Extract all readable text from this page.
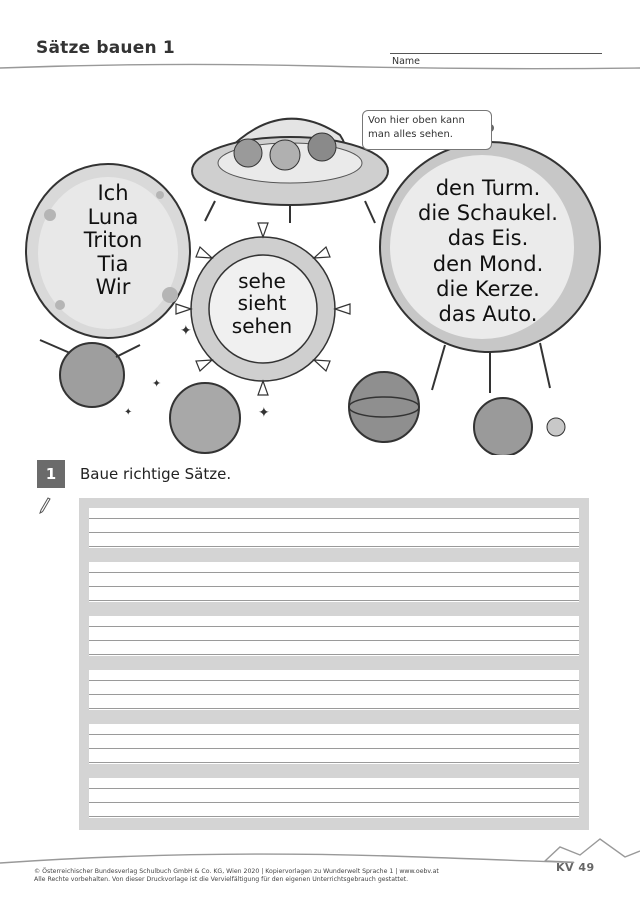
Sätze bauen 1
Name
✦
✦
✦
✦
Von hier oben kann man alles sehen.
Ich
Luna
Triton
Tia
Wir	sehe
sieht
sehen
den Turm.
die Schaukel.
das Eis.
den Mond.
die Kerze.
das Auto.
1	Baue richtige Sätze.
© Österreichischer Bundesverlag Schulbuch GmbH & Co. KG, Wien 2020 | Kopiervorlagen zu Wunderwelt Sprache 1 | www.oebv.at
Alle Rechte vorbehalten. Von dieser Druckvorlage ist die Vervielfältigung für den eigenen Unterrichtsgebrauch gestattet.
KV 49
